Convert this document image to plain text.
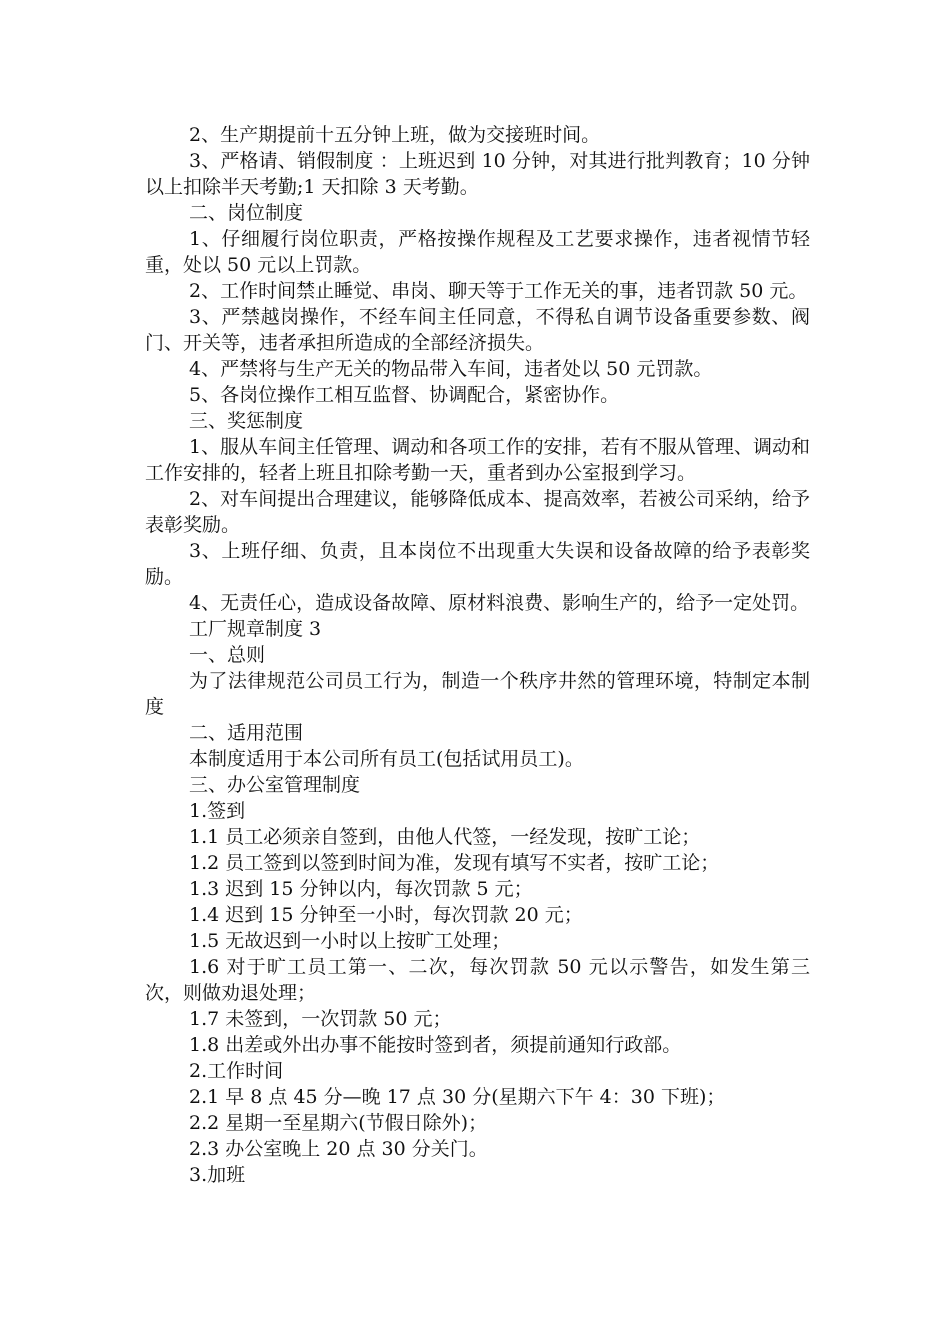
2、生产期提前十五分钟上班，做为交接班时间。

3、严格请、销假制度 ：上班迟到 10 分钟，对其进行批判教育；10 分钟以上扣除半天考勤;1 天扣除 3 天考勤。

二、岗位制度

1、仔细履行岗位职责，严格按操作规程及工艺要求操作，违者视情节轻重，处以 50 元以上罚款。

2、工作时间禁止睡觉、串岗、聊天等于工作无关的事，违者罚款 50 元。

3、严禁越岗操作，不经车间主任同意，不得私自调节设备重要参数、阀门、开关等，违者承担所造成的全部经济损失。

4、严禁将与生产无关的物品带入车间，违者处以 50 元罚款。

5、各岗位操作工相互监督、协调配合，紧密协作。

三、奖惩制度

1、服从车间主任管理、调动和各项工作的安排，若有不服从管理、调动和工作安排的，轻者上班且扣除考勤一天，重者到办公室报到学习。

2、对车间提出合理建议，能够降低成本、提高效率，若被公司采纳，给予表彰奖励。

3、上班仔细、负责，且本岗位不出现重大失误和设备故障的给予表彰奖励。

4、无责任心，造成设备故障、原材料浪费、影响生产的，给予一定处罚。

工厂规章制度 3

一、总则

为了法律规范公司员工行为，制造一个秩序井然的管理环境，特制定本制度

二、适用范围

本制度适用于本公司所有员工(包括试用员工)。

三、办公室管理制度

1.签到

1.1 员工必须亲自签到，由他人代签，一经发现，按旷工论；

1.2 员工签到以签到时间为准，发现有填写不实者，按旷工论；

1.3 迟到 15 分钟以内，每次罚款 5 元；

1.4 迟到 15 分钟至一小时，每次罚款 20 元；

1.5 无故迟到一小时以上按旷工处理；

1.6 对于旷工员工第一、二次，每次罚款 50 元以示警告，如发生第三次，则做劝退处理；

1.7 未签到，一次罚款 50 元；

1.8 出差或外出办事不能按时签到者，须提前通知行政部。

2.工作时间

2.1 早 8 点 45 分—晚 17 点 30 分(星期六下午 4：30 下班)；

2.2 星期一至星期六(节假日除外)；

2.3 办公室晚上 20 点 30 分关门。

3.加班
